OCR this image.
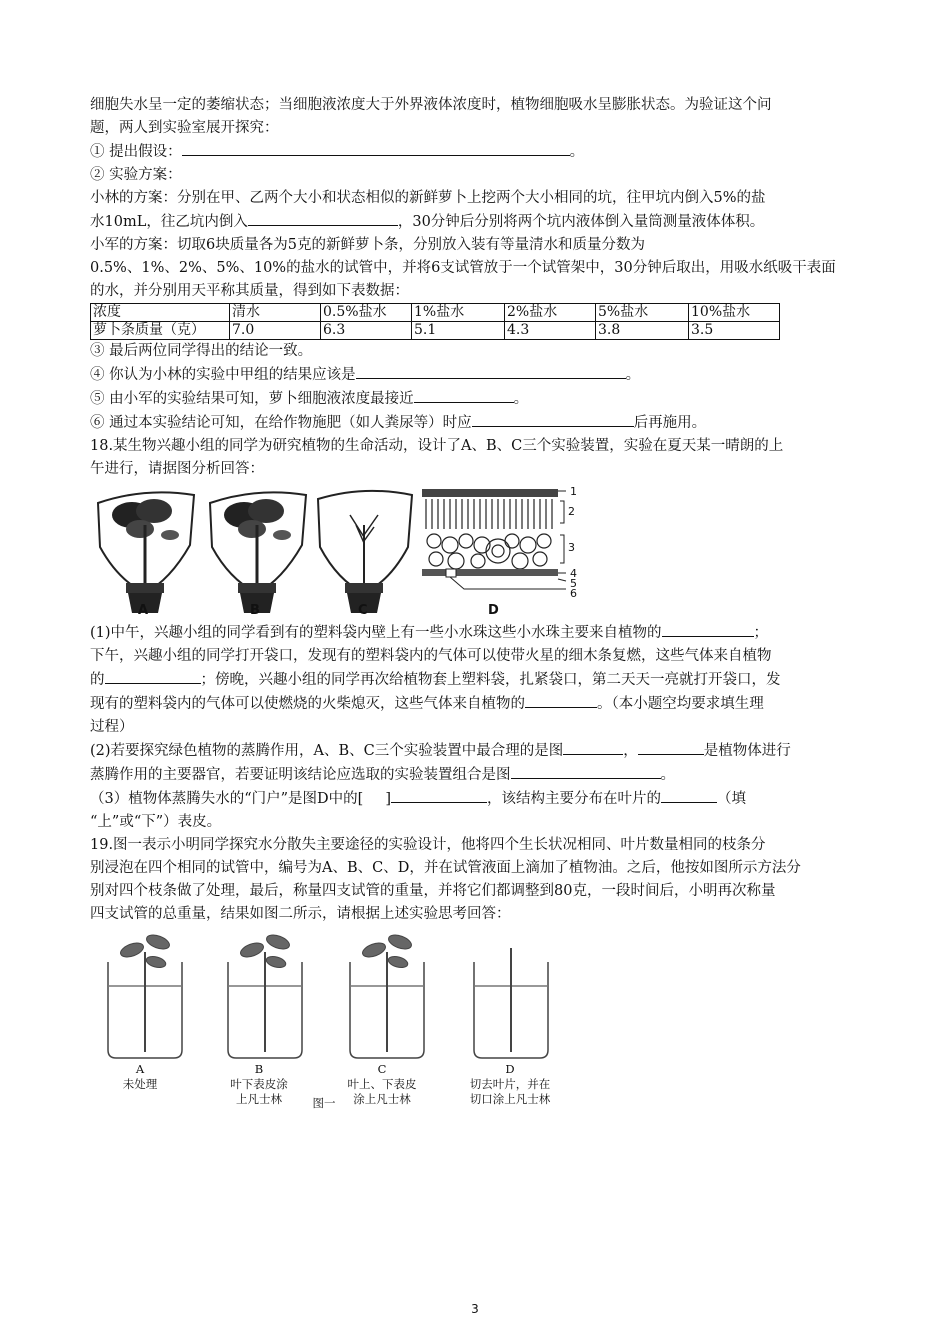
细胞失水呈一定的萎缩状态；当细胞液浓度大于外界液体浓度时，植物细胞吸水呈膨胀状态。为验证这个问
题，两人到实验室展开探究：
① 提出假设：	。
② 实验方案：
小林的方案：分别在甲、乙两个大小和状态相似的新鲜萝卜上挖两个大小相同的坑，往甲坑内倒入5%的盐
水10mL，往乙坑内倒入	，30分钟后分别将两个坑内液体倒入量筒测量液体体积。
小军的方案：切取6块质量各为5克的新鲜萝卜条，分别放入装有等量清水和质量分数为
0.5%、1%、2%、5%、10%的盐水的试管中，并将6支试管放于一个试管架中，30分钟后取出，用吸水纸吸干表面
的水，并分别用天平称其质量，得到如下表数据：
浓度	清水	0.5%盐水	1%盐水	2%盐水	5%盐水	10%盐水
萝卜条质量（克）	7.0	6.3	5.1	4.3	3.8	3.5
③ 最后两位同学得出的结论一致。
④ 你认为小林的实验中甲组的结果应该是	。
⑤ 由小军的实验结果可知，萝卜细胞液浓度最接近	。
⑥ 通过本实验结论可知，在给作物施肥（如人粪尿等）时应	后再施用。
18.某生物兴趣小组的同学为研究植物的生命活动，设计了A、B、C三个实验装置，实验在夏天某一晴朗的上
午进行，请据图分析回答：
1
2
3
4
5
6
A	B	C	D
(1)中午，兴趣小组的同学看到有的塑料袋内壁上有一些小水珠这些小水珠主要来自植物的	；
下午，兴趣小组的同学打开袋口，发现有的塑料袋内的气体可以使带火星的细木条复燃，这些气体来自植物
的	；傍晚，兴趣小组的同学再次给植物套上塑料袋，扎紧袋口，第二天天一亮就打开袋口，发
现有的塑料袋内的气体可以使燃烧的火柴熄灭，这些气体来自植物的	。（本小题空均要求填生理
过程）
(2)若要探究绿色植物的蒸腾作用，A、B、C三个实验装置中最合理的是图	，	是植物体进行
蒸腾作用的主要器官，若要证明该结论应选取的实验装置组合是图	。
（3）植物体蒸腾失水的“门户”是图D中的[ ]	，该结构主要分布在叶片的	（填
“上”或“下”）表皮。
19.图一表示小明同学探究水分散失主要途径的实验设计，他将四个生长状况相同、叶片数量相同的枝条分
别浸泡在四个相同的试管中，编号为A、B、C、D，并在试管液面上滴加了植物油。之后，他按如图所示方法分
别对四个枝条做了处理，最后，称量四支试管的重量，并将它们都调整到80克，一段时间后，小明再次称量
四支试管的总重量，结果如图二所示，请根据上述实验思考回答：
A
未处理
B
叶下表皮涂
上凡士林
C
叶上、下表皮
涂上凡士林
D
切去叶片，并在
切口涂上凡士林
图一
3
